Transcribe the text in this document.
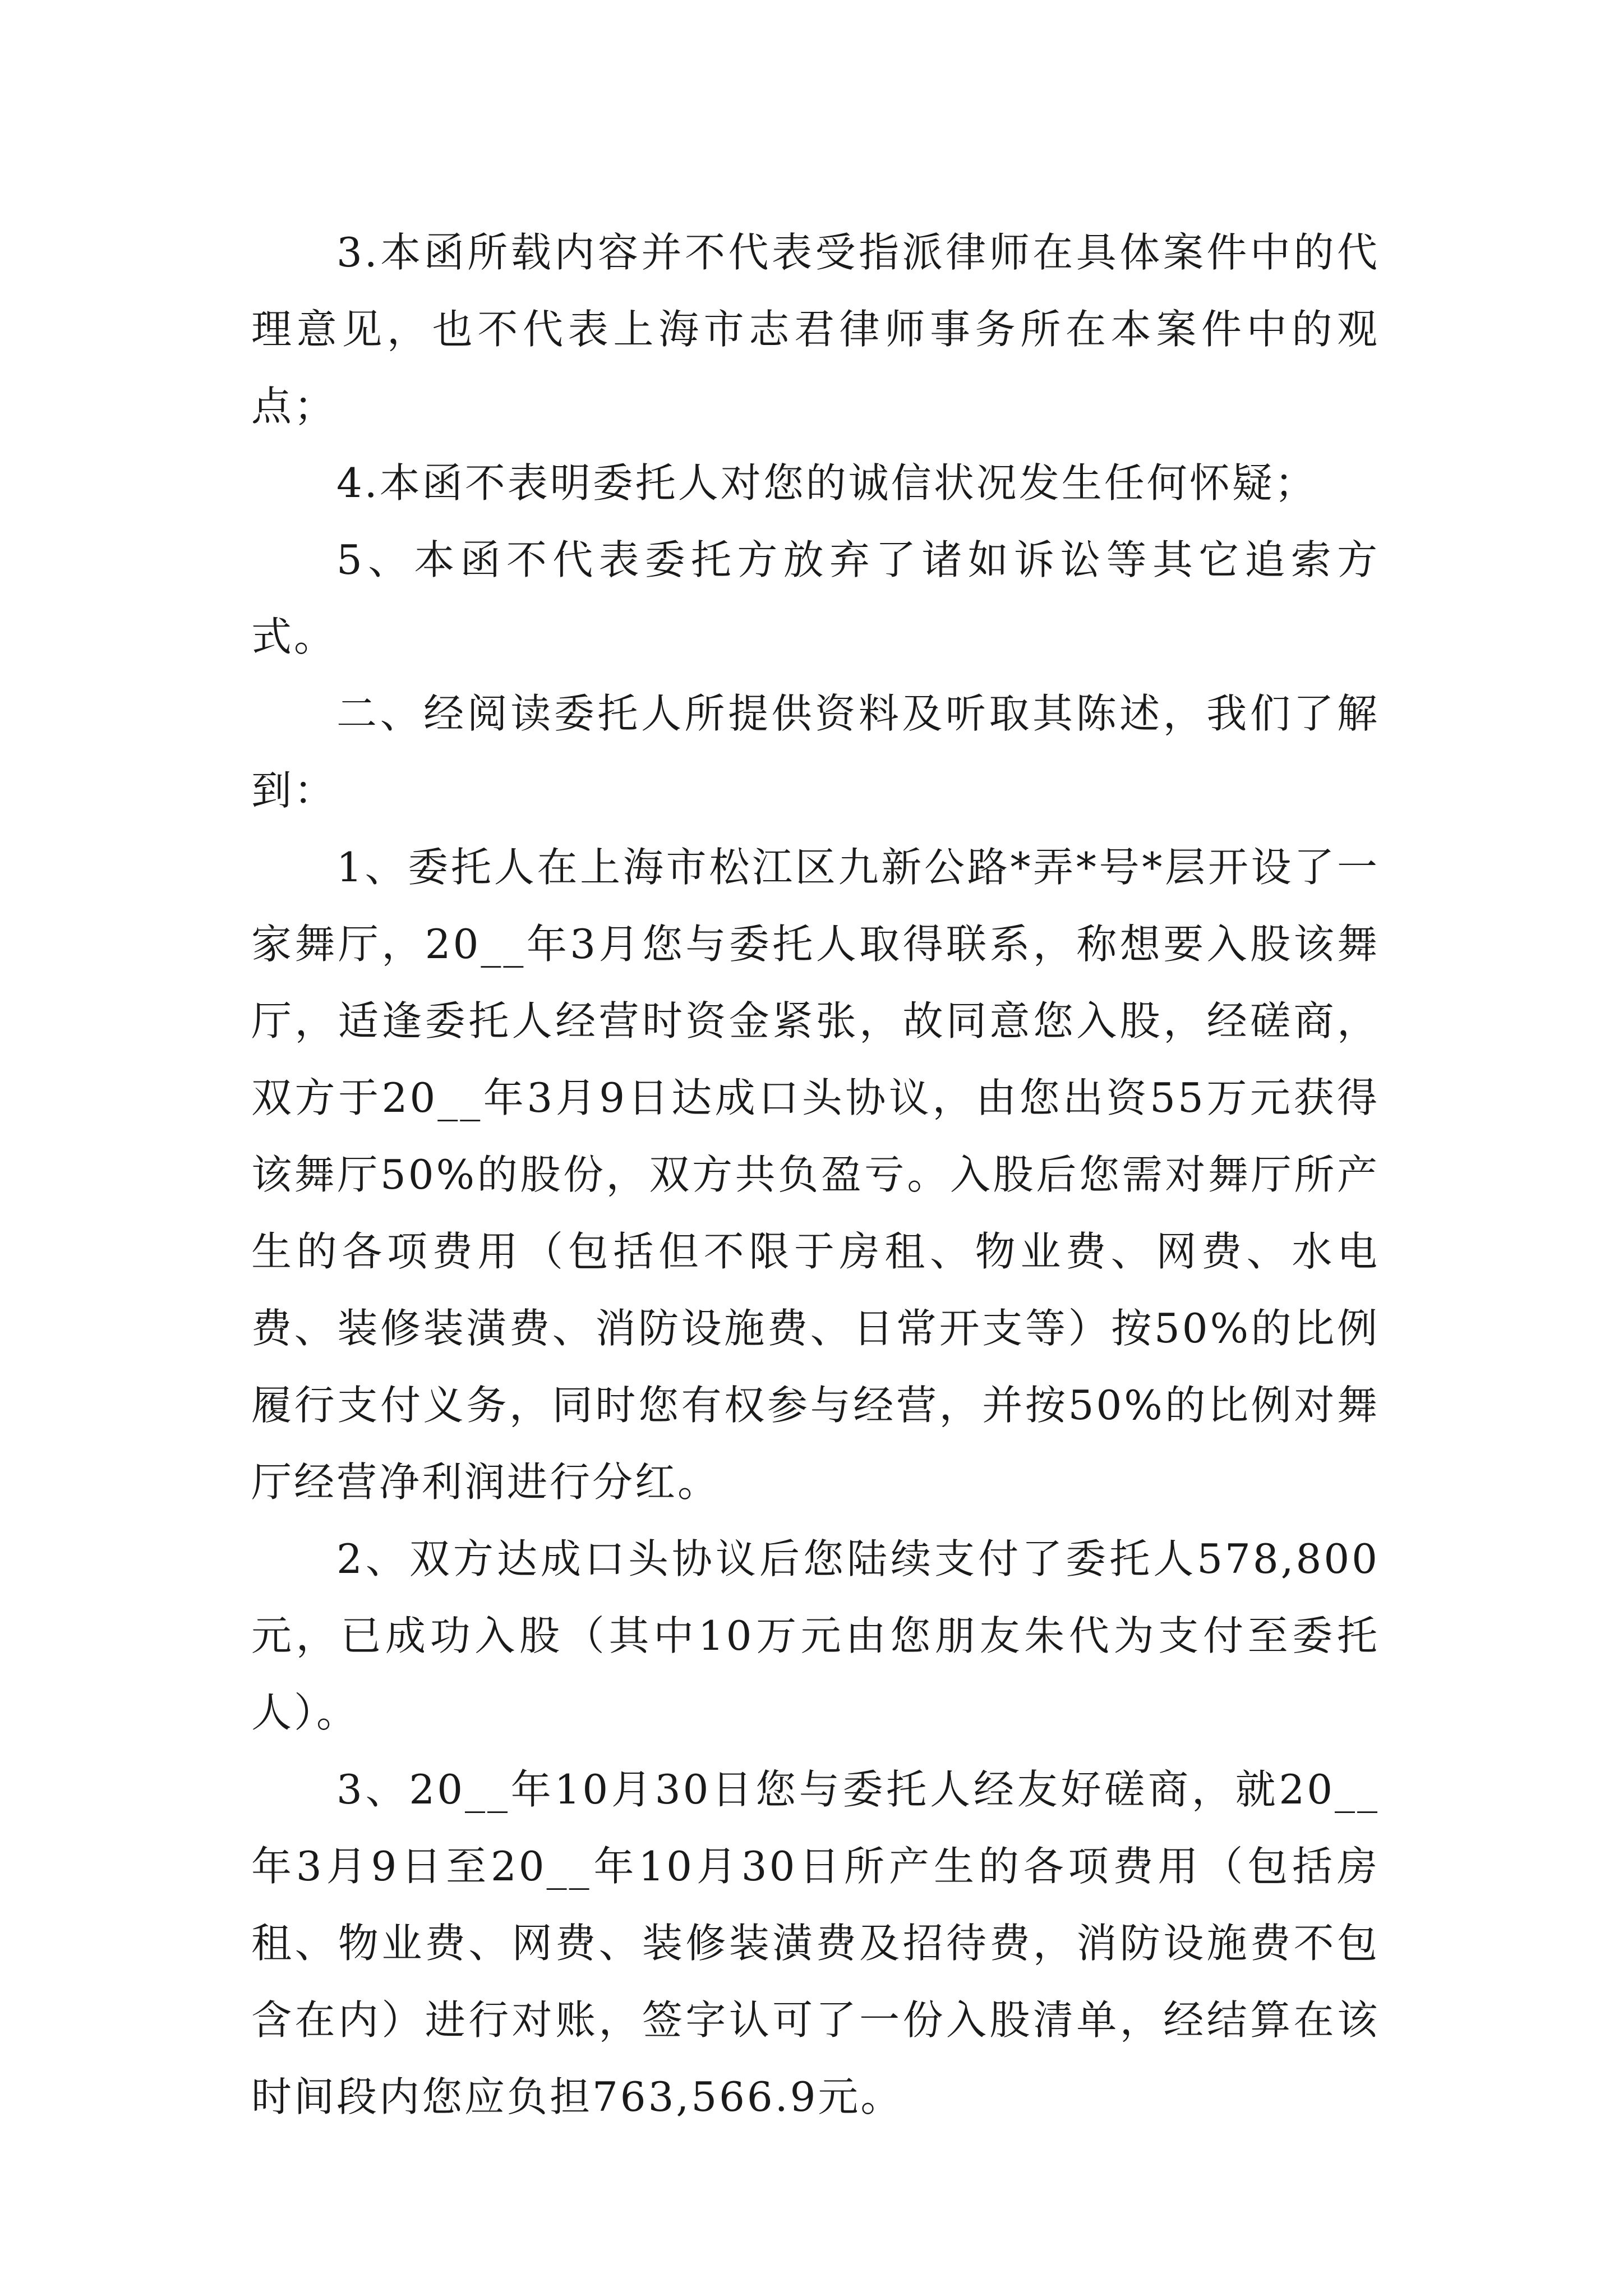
3.本函所载内容并不代表受指派律师在具体案件中的代理意见，也不代表上海市志君律师事务所在本案件中的观点；

4.本函不表明委托人对您的诚信状况发生任何怀疑；

5、本函不代表委托方放弃了诸如诉讼等其它追索方式。

二、经阅读委托人所提供资料及听取其陈述，我们了解到：

1、委托人在上海市松江区九新公路*弄*号*层开设了一家舞厅，20__年3月您与委托人取得联系，称想要入股该舞厅，适逢委托人经营时资金紧张，故同意您入股，经磋商，双方于20__年3月9日达成口头协议，由您出资55万元获得该舞厅50%的股份，双方共负盈亏。入股后您需对舞厅所产生的各项费用（包括但不限于房租、物业费、网费、水电费、装修装潢费、消防设施费、日常开支等）按50%的比例履行支付义务，同时您有权参与经营，并按50%的比例对舞厅经营净利润进行分红。

2、双方达成口头协议后您陆续支付了委托人578,800元，已成功入股（其中10万元由您朋友朱代为支付至委托人）。

3、20__年10月30日您与委托人经友好磋商，就20__年3月9日至20__年10月30日所产生的各项费用（包括房租、物业费、网费、装修装潢费及招待费，消防设施费不包含在内）进行对账，签字认可了一份入股清单，经结算在该时间段内您应负担763,566.9元。
